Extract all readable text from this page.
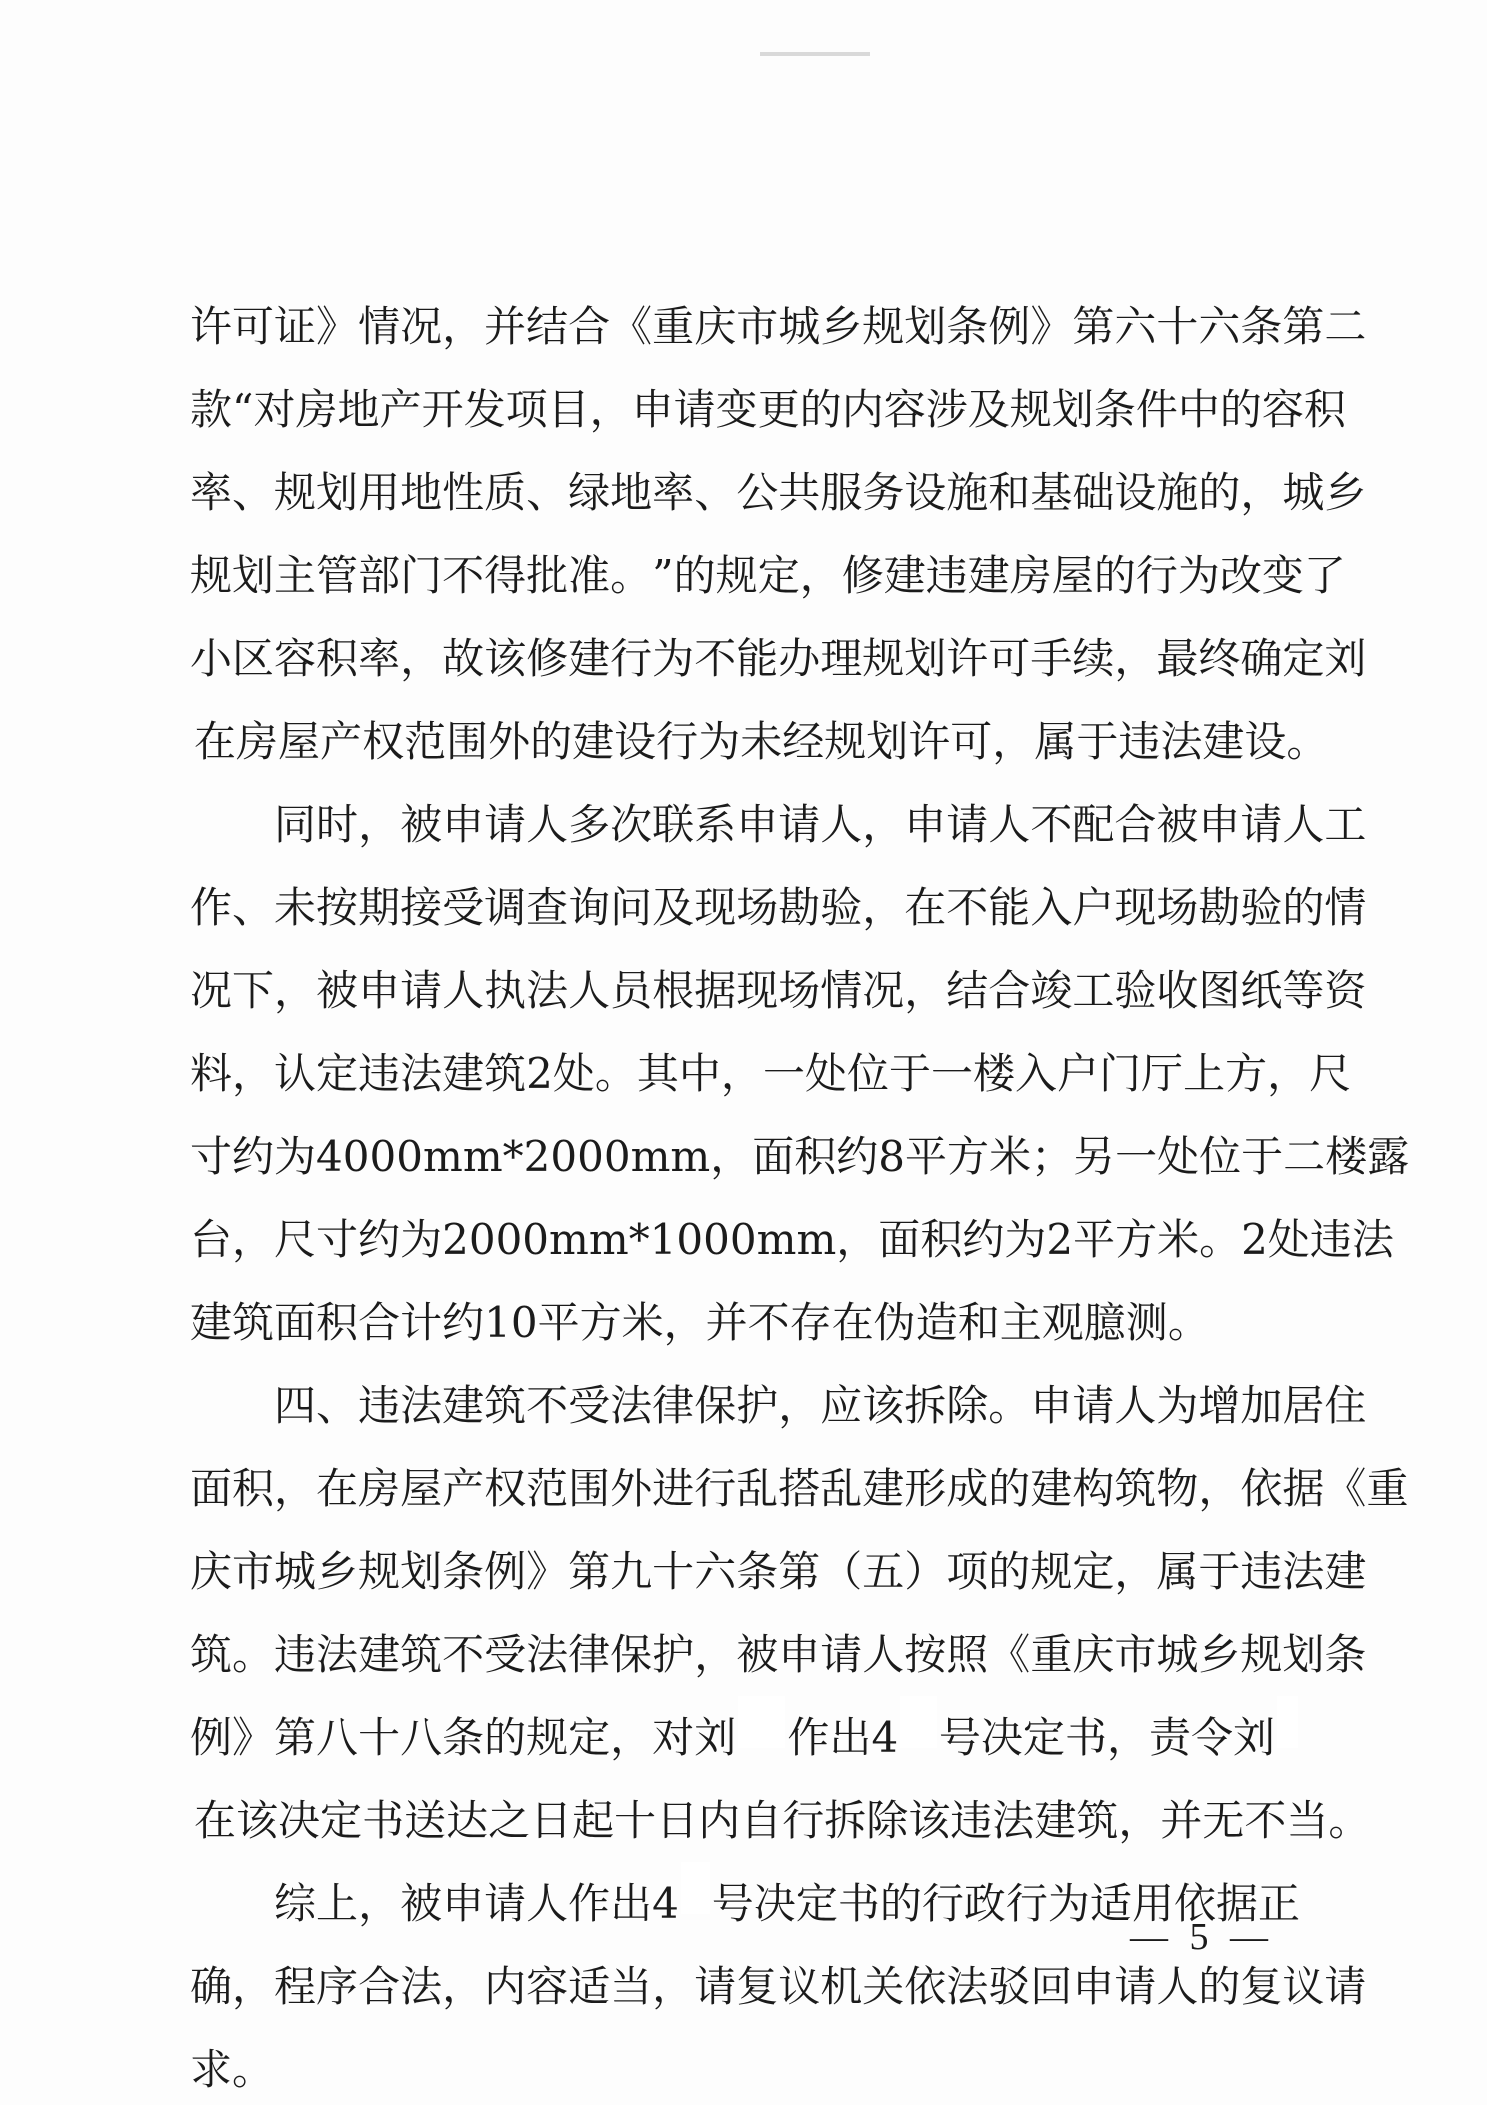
许 可 证 》 情 况 ， 并 结 合 《 重 庆 市 城 乡 规 划 条 例 》 第 六 十 六 条 第 二
款 “ 对 房 地 产 开 发 项 目 ， 申 请 变 更 的 内 容 涉 及 规 划 条 件 中 的 容 积
率 、 规 划 用 地 性 质 、 绿 地 率 、 公 共 服 务 设 施 和 基 础 设 施 的 ， 城 乡
规 划 主 管 部 门 不 得 批 准 。 ” 的 规 定 ， 修 建 违 建 房 屋 的 行 为 改 变 了
小 区 容 积 率 ， 故 该 修 建 行 为 不 能 办 理 规 划 许 可 手 续 ， 最 终 确 定 刘
在 房 屋 产 权 范 围 外 的 建 设 行 为 未 经 规 划 许 可 ， 属 于 违 法 建 设 。

同 时 ， 被 申 请 人 多 次 联 系 申 请 人 ， 申 请 人 不 配 合 被 申 请 人 工
作 、 未 按 期 接 受 调 查 询 问 及 现 场 勘 验 ， 在 不 能 入 户 现 场 勘 验 的 情
况 下 ， 被 申 请 人 执 法 人 员 根 据 现 场 情 况 ， 结 合 竣 工 验 收 图 纸 等 资
料 ， 认 定 违 法 建 筑 2 处 。 其 中 ， 一 处 位 于 一 楼 入 户 门 厅 上 方 ， 尺
寸 约 为 4 0 0 0 m m * 2 0 0 0 m m ， 面 积 约 8 平 方 米 ； 另 一 处 位 于 二 楼 露
台 ， 尺 寸 约 为 2 0 0 0 m m * 1 0 0 0 m m ， 面 积 约 为 2 平 方 米 。 2 处 违 法
建 筑 面 积 合 计 约 1 0 平 方 米 ， 并 不 存 在 伪 造 和 主 观 臆 测 。

四 、 违 法 建 筑 不 受 法 律 保 护 ， 应 该 拆 除 。 申 请 人 为 增 加 居 住
面 积 ， 在 房 屋 产 权 范 围 外 进 行 乱 搭 乱 建 形 成 的 建 构 筑 物 ， 依 据 《 重
庆 市 城 乡 规 划 条 例 》 第 九 十 六 条 第 （ 五 ） 项 的 规 定 ， 属 于 违 法 建
筑 。 违 法 建 筑 不 受 法 律 保 护 ， 被 申 请 人 按 照 《 重 庆 市 城 乡 规 划 条
例 》 第 八 十 八 条 的 规 定 ， 对 刘 作 出 4 号 决 定 书 ， 责 令 刘
在 该 决 定 书 送 达 之 日 起 十 日 内 自 行 拆 除 该 违 法 建 筑 ， 并 无 不 当 。

综 上 ， 被 申 请 人 作 出 4 号 决 定 书 的 行 政 行 为 适 用 依 据 正
确 ， 程 序 合 法 ， 内 容 适 当 ， 请 复 议 机 关 依 法 驳 回 申 请 人 的 复 议 请
求 。
— 5 —
